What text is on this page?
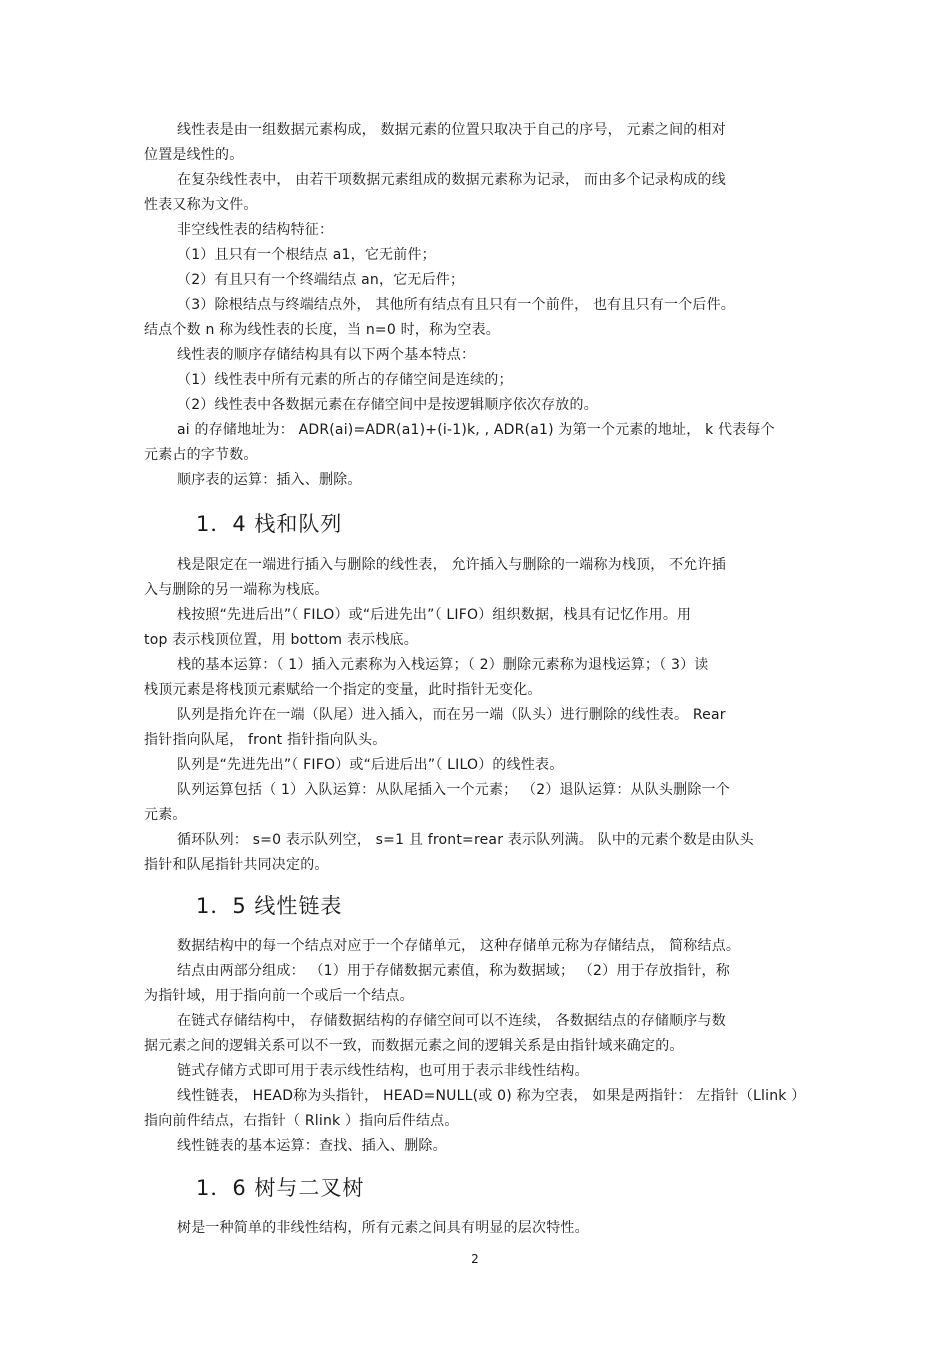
线性表是由一组数据元素构成， 数据元素的位置只取决于自己的序号， 元素之间的相对

位置是线性的。

在复杂线性表中， 由若干项数据元素组成的数据元素称为记录， 而由多个记录构成的线

性表又称为文件。

非空线性表的结构特征：

（1）且只有一个根结点 a1，它无前件；

（2）有且只有一个终端结点 an，它无后件；

（3）除根结点与终端结点外， 其他所有结点有且只有一个前件， 也有且只有一个后件。

结点个数 n 称为线性表的长度，当 n=0 时，称为空表。

线性表的顺序存储结构具有以下两个基本特点：

（1）线性表中所有元素的所占的存储空间是连续的；

（2）线性表中各数据元素在存储空间中是按逻辑顺序依次存放的。

ai 的存储地址为： ADR(ai)=ADR(a1)+(i-1)k, , ADR(a1) 为第一个元素的地址， k 代表每个

元素占的字节数。

顺序表的运算：插入、删除。

1．4 栈和队列

栈是限定在一端进行插入与删除的线性表， 允许插入与删除的一端称为栈顶， 不允许插

入与删除的另一端称为栈底。

栈按照“先进后出”（ FILO）或“后进先出”（ LIFO）组织数据，栈具有记忆作用。用

top 表示栈顶位置，用 bottom 表示栈底。

栈的基本运算：（ 1）插入元素称为入栈运算；（ 2）删除元素称为退栈运算；（ 3）读

栈顶元素是将栈顶元素赋给一个指定的变量，此时指针无变化。

队列是指允许在一端（队尾）进入插入，而在另一端（队头）进行删除的线性表。 Rear

指针指向队尾， front 指针指向队头。

队列是“先进先出”（ FIFO）或“后进后出”（ LILO）的线性表。

队列运算包括（ 1）入队运算：从队尾插入一个元素； （2）退队运算：从队头删除一个

元素。

循环队列： s=0 表示队列空， s=1 且 front=rear 表示队列满。 队中的元素个数是由队头

指针和队尾指针共同决定的。

1．5 线性链表

数据结构中的每一个结点对应于一个存储单元， 这种存储单元称为存储结点， 简称结点。

结点由两部分组成： （1）用于存储数据元素值，称为数据域； （2）用于存放指针，称

为指针域，用于指向前一个或后一个结点。

在链式存储结构中， 存储数据结构的存储空间可以不连续， 各数据结点的存储顺序与数

据元素之间的逻辑关系可以不一致，而数据元素之间的逻辑关系是由指针域来确定的。

链式存储方式即可用于表示线性结构，也可用于表示非线性结构。

线性链表， HEAD称为头指针， HEAD=NULL(或 0) 称为空表， 如果是两指针： 左指针（Llink ）

指向前件结点，右指针（ Rlink ）指向后件结点。

线性链表的基本运算：查找、插入、删除。

1．6 树与二叉树

树是一种简单的非线性结构，所有元素之间具有明显的层次特性。

2
